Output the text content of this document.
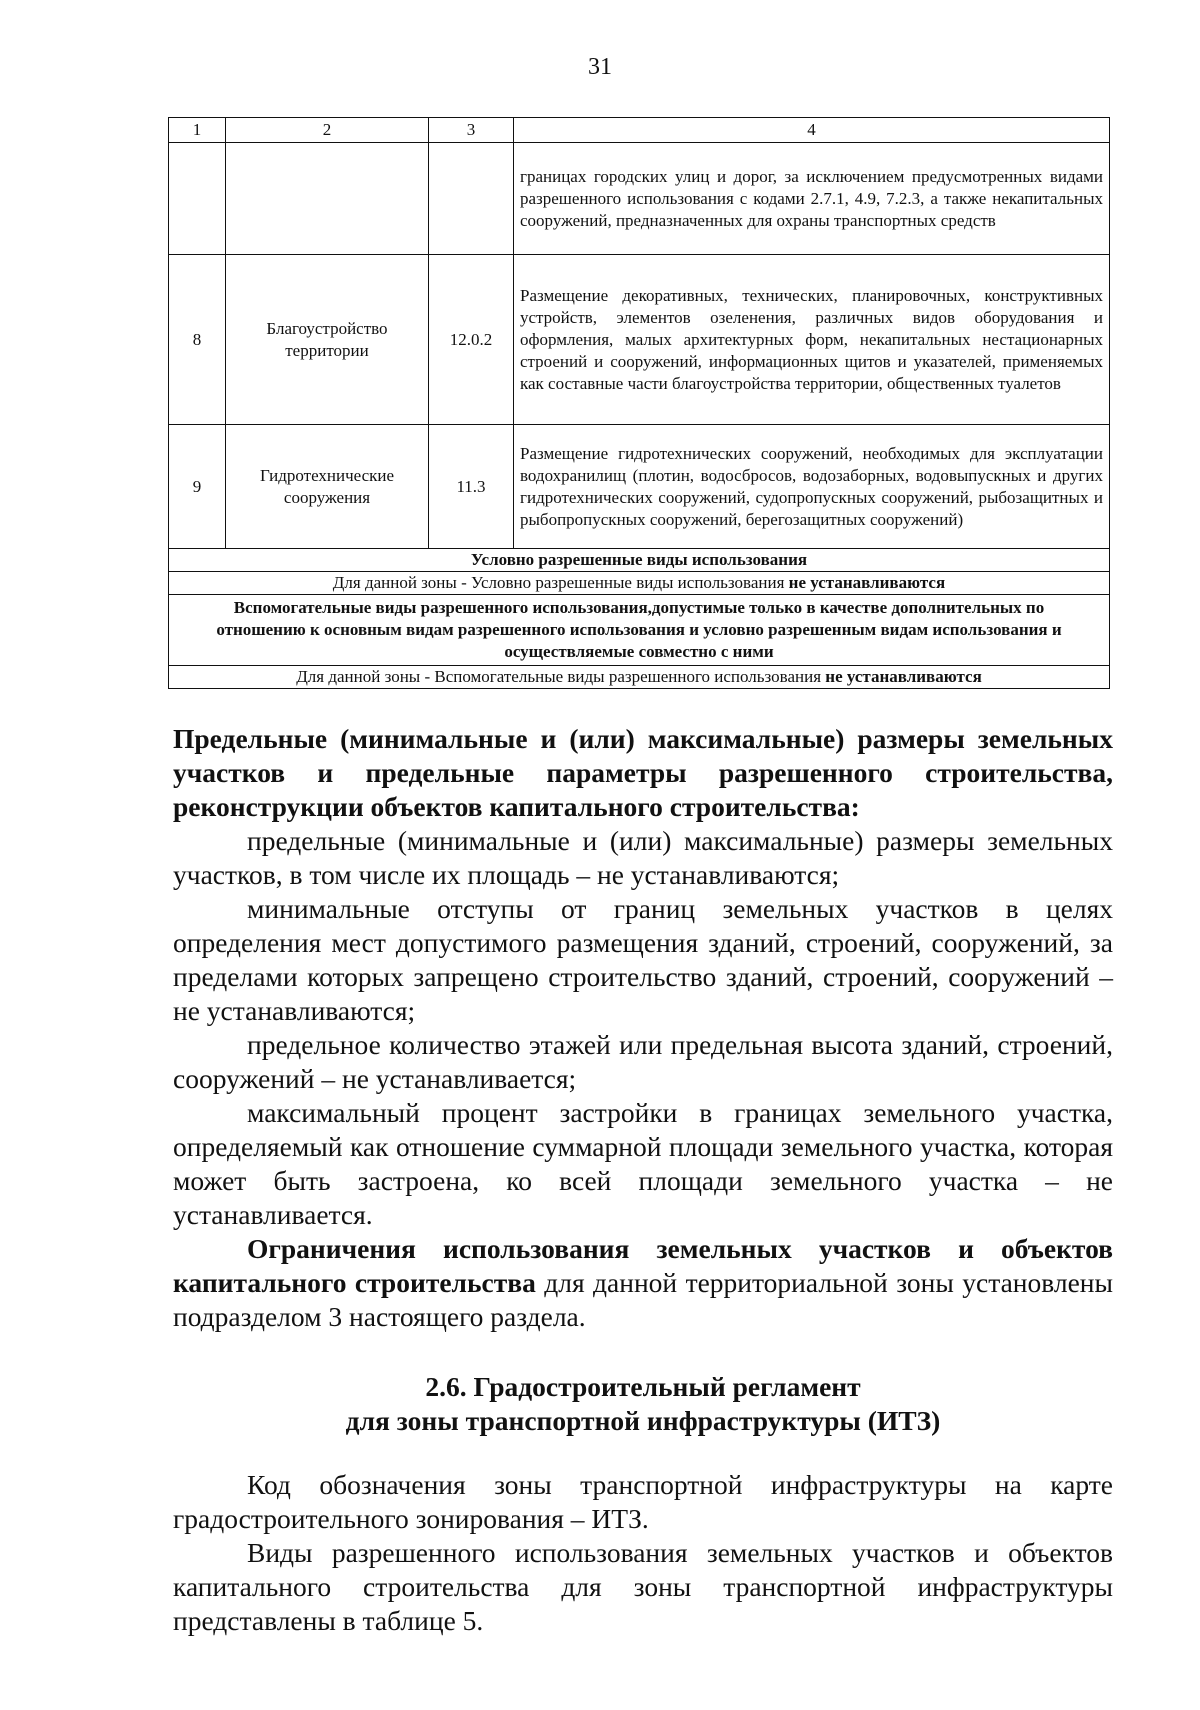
31
1	2	3	4
			границах городских улиц и дорог, за исключением предусмотренных видами разрешенного использования с кодами 2.7.1, 4.9, 7.2.3, а также некапитальных сооружений, предназначенных для охраны транспортных средств
8	Благоустройство территории	12.0.2	Размещение декоративных, технических, планировочных, конструктивных устройств, элементов озеленения, различных видов оборудования и оформления, малых архитектурных форм, некапитальных нестационарных строений и сооружений, информационных щитов и указателей, применяемых как составные части благоустройства территории, общественных туалетов
9	Гидротехнические сооружения	11.3	Размещение гидротехнических сооружений, необходимых для эксплуатации водохранилищ (плотин, водосбросов, водозаборных, водовыпускных и других гидротехнических сооружений, судопропускных сооружений, рыбозащитных и рыбопропускных сооружений, берегозащитных сооружений)
Условно разрешенные виды использования			
Для данной зоны - Условно разрешенные виды использования не устанавливаются			
Вспомогательные виды разрешенного использования,допустимые только в качестве дополнительных по отношению к основным видам разрешенного использования и условно разрешенным видам использования и осуществляемые совместно с ними			
Для данной зоны - Вспомогательные виды разрешенного использования не устанавливаются			

Предельные (минимальные и (или) максимальные) размеры земельных участков и предельные параметры разрешенного строительства, реконструкции объектов капитального строительства:

предельные (минимальные и (или) максимальные) размеры земельных участков, в том числе их площадь – не устанавливаются;

минимальные отступы от границ земельных участков в целях определения мест допустимого размещения зданий, строений, сооружений, за пределами которых запрещено строительство зданий, строений, сооружений – не устанавливаются;

предельное количество этажей или предельная высота зданий, строений, сооружений – не устанавливается;

максимальный процент застройки в границах земельного участка, определяемый как отношение суммарной площади земельного участка, которая может быть застроена, ко всей площади земельного участка – не устанавливается.

Ограничения использования земельных участков и объектов капитального строительства для данной территориальной зоны установлены подразделом 3 настоящего раздела.

2.6. Градостроительный регламент

для зоны транспортной инфраструктуры (ИТЗ)

Код обозначения зоны транспортной инфраструктуры на карте градостроительного зонирования – ИТЗ.

Виды разрешенного использования земельных участков и объектов капитального строительства для зоны транспортной инфраструктуры представлены в таблице 5.
